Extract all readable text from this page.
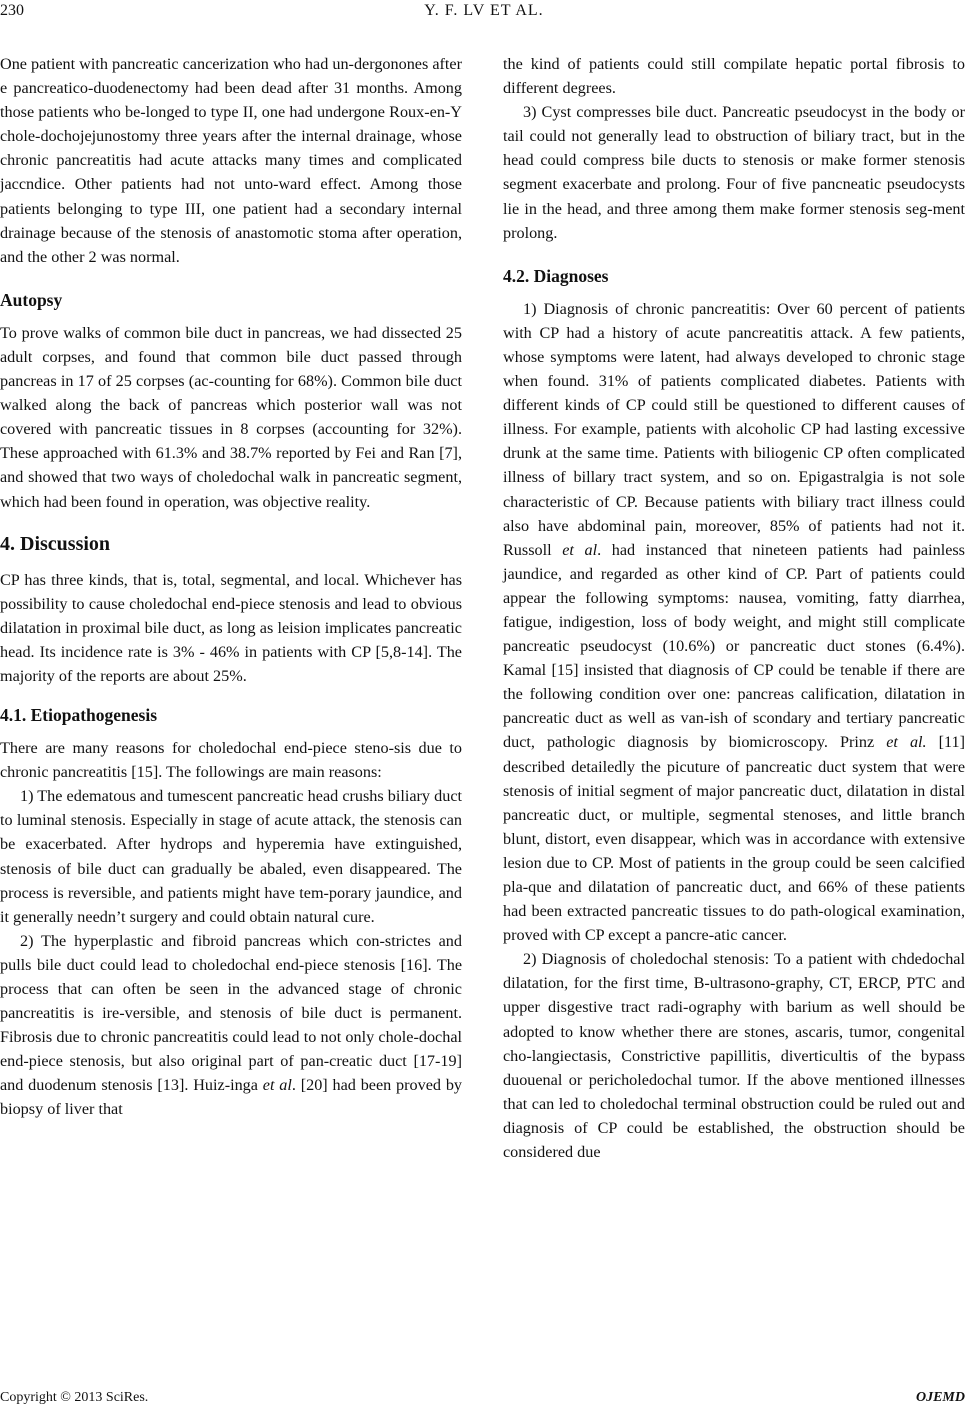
230	Y. F. LV ET AL.

One patient with pancreatic cancerization who had un-dergonones after e pancreatico-duodenectomy had been dead after 31 months. Among those patients who be-longed to type II, one had undergone Roux-en-Y chole-dochojejunostomy three years after the internal drainage, whose chronic pancreatitis had acute attacks many times and complicated jaccndice. Other patients had not unto-ward effect. Among those patients belonging to type III, one patient had a secondary internal drainage because of the stenosis of anastomotic stoma after operation, and the other 2 was normal.

Autopsy

To prove walks of common bile duct in pancreas, we had dissected 25 adult corpses, and found that common bile duct passed through pancreas in 17 of 25 corpses (ac-counting for 68%). Common bile duct walked along the back of pancreas which posterior wall was not covered with pancreatic tissues in 8 corpses (accounting for 32%). These approached with 61.3% and 38.7% reported by Fei and Ran [7], and showed that two ways of choledochal walk in pancreatic segment, which had been found in operation, was objective reality.

4. Discussion

CP has three kinds, that is, total, segmental, and local. Whichever has possibility to cause choledochal end-piece stenosis and lead to obvious dilatation in proximal bile duct, as long as leision implicates pancreatic head. Its incidence rate is 3% - 46% in patients with CP [5,8-14]. The majority of the reports are about 25%.

4.1. Etiopathogenesis

There are many reasons for choledochal end-piece steno-sis due to chronic pancreatitis [15]. The followings are main reasons:

1) The edematous and tumescent pancreatic head crushs biliary duct to luminal stenosis. Especially in stage of acute attack, the stenosis can be exacerbated. After hydrops and hyperemia have extinguished, stenosis of bile duct can gradually be abaled, even disappeared. The process is reversible, and patients might have tem-porary jaundice, and it generally needn’t surgery and could obtain natural cure.

2) The hyperplastic and fibroid pancreas which con-strictes and pulls bile duct could lead to choledochal end-piece stenosis [16]. The process that can often be seen in the advanced stage of chronic pancreatitis is ire-versible, and stenosis of bile duct is permanent. Fibrosis due to chronic pancreatitis could lead to not only chole-dochal end-piece stenosis, but also original part of pan-creatic duct [17-19] and duodenum stenosis [13]. Huiz-inga et al. [20] had been proved by biopsy of liver that

the kind of patients could still compilate hepatic portal fibrosis to different degrees.

3) Cyst compresses bile duct. Pancreatic pseudocyst in the body or tail could not generally lead to obstruction of biliary tract, but in the head could compress bile ducts to stenosis or make former stenosis segment exacerbate and prolong. Four of five pancneatic pseudocysts lie in the head, and three among them make former stenosis seg-ment prolong.

4.2. Diagnoses

1) Diagnosis of chronic pancreatitis: Over 60 percent of patients with CP had a history of acute pancreatitis attack. A few patients, whose symptoms were latent, had always developed to chronic stage when found. 31% of patients complicated diabetes. Patients with different kinds of CP could still be questioned to different causes of illness. For example, patients with alcoholic CP had lasting excessive drunk at the same time. Patients with biliogenic CP often complicated illness of billary tract system, and so on. Epigastralgia is not sole characteristic of CP. Because patients with biliary tract illness could also have abdominal pain, moreover, 85% of patients had not it. Russoll et al. had instanced that nineteen patients had painless jaundice, and regarded as other kind of CP. Part of patients could appear the following symptoms: nausea, vomiting, fatty diarrhea, fatigue, indigestion, loss of body weight, and might still complicate pancreatic pseudocyst (10.6%) or pancreatic duct stones (6.4%). Kamal [15] insisted that diagnosis of CP could be tenable if there are the following condition over one: pancreas calification, dilatation in pancreatic duct as well as van-ish of scondary and tertiary pancreatic duct, pathologic diagnosis by biomicroscopy. Prinz et al. [11] described detailedly the picuture of pancreatic duct system that were stenosis of initial segment of major pancreatic duct, dilatation in distal pancreatic duct, or multiple, segmental stenoses, and little branch blunt, distort, even disappear, which was in accordance with extensive lesion due to CP. Most of patients in the group could be seen calcified pla-que and dilatation of pancreatic duct, and 66% of these patients had been extracted pancreatic tissues to do path-ological examination, proved with CP except a pancre-atic cancer.

2) Diagnosis of choledochal stenosis: To a patient with chdedochal dilatation, for the first time, B-ultrasono-graphy, CT, ERCP, PTC and upper disgestive tract radi-ography with barium as well should be adopted to know whether there are stones, ascaris, tumor, congenital cho-langiectasis, Constrictive papillitis, diverticultis of the bypass duouenal or pericholedochal tumor. If the above mentioned illnesses that can led to choledochal terminal obstruction could be ruled out and diagnosis of CP could be established, the obstruction should be considered due

Copyright © 2013 SciRes.	OJEMD
